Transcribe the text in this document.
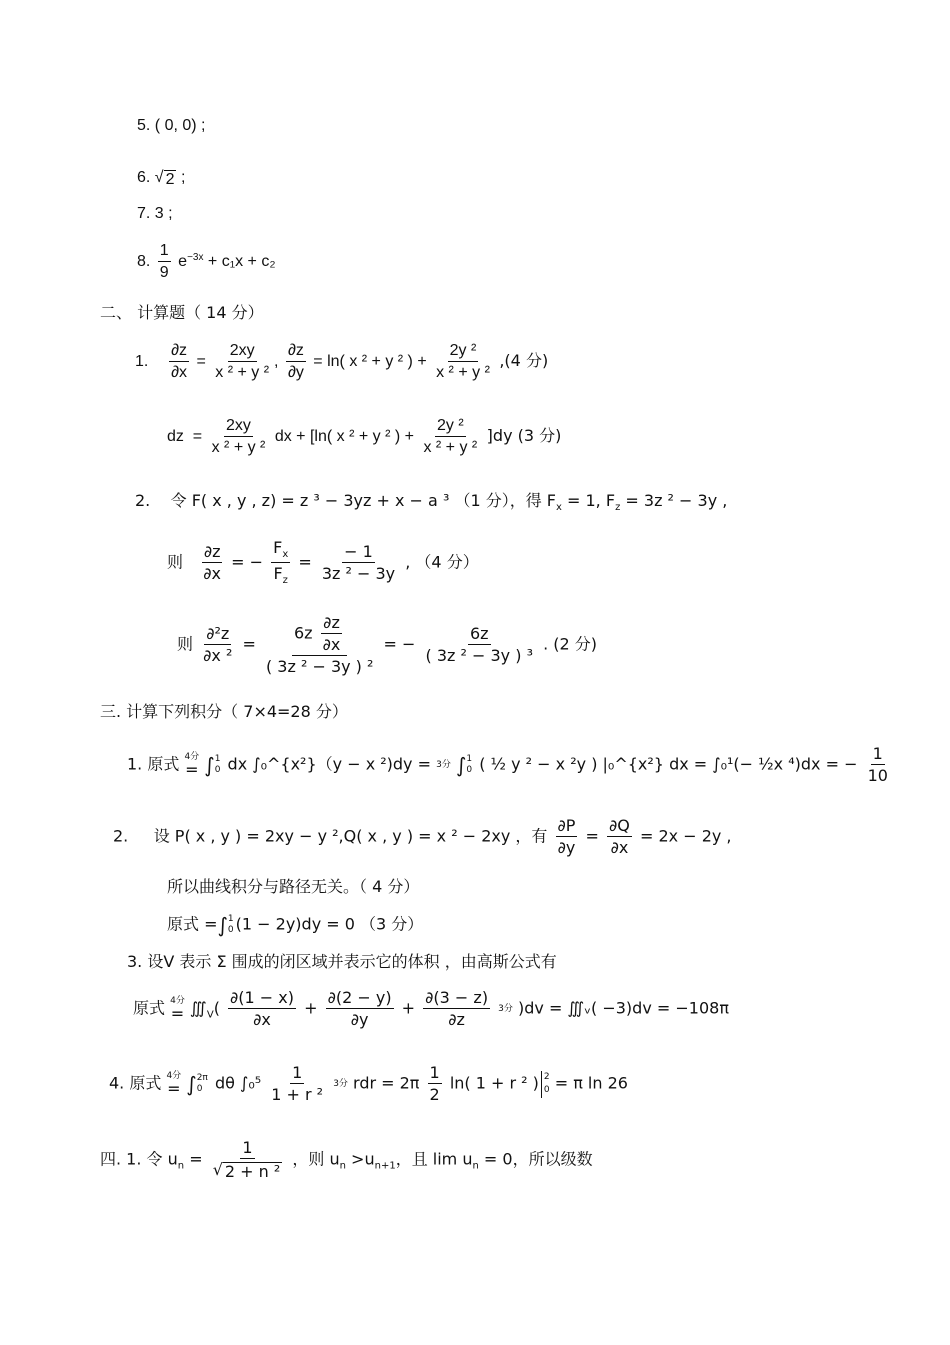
5. ( 0, 0) ;
6. √ 2 ;
7. 3 ;
8. $\frac{1}{9} e^{-3x} + c_1x + c_2$
二、 计算题（ 14 分）
1. $\frac{\partial z}{\partial x} = \frac{2xy}{\text{x ² + y ²}}$ , $\frac{\partial z}{\partial y} = \ln$( x ² + y ² ) + $\frac{\text{2y ²}}{\text{x ² + y ²}} ,(4$ 分)
dz  = $\frac{2xy}{\text{x ² + y ²}}$ dx + [ln( x ² + y ² ) + $\frac{\text{2y ²}}{\text{x ² + y ²}} ]dy$ (3 分)
2. 令 F( x , y , z) = z ³ − 3yz + x − a ³ （1 分），得 $F_x = 1$, $F_z = 3z$ ² − 3y ,
则 $\frac{\partial z}{\partial x}$ = − $\frac{F_x}{F_z} = \frac{- 1}{\text{3z ² − 3y}}$ , （4 分）
则 $\frac{\text{∂²z}}{\text{∂x ²}} = \frac{6z \frac{\partial z}{\partial x}}{\text{( 3z ² − 3y ) ²}}$ = − $\frac{6z}{\text{( 3z ² − 3y ) ³}}$ . (2 分)
三. 计算下列积分（ 7×4=28 分）
1. 原式 4分
= ∫ 1
0 dx ∫₀^{x²}（y − x ²)dy = 3分 ∫ 1
0 ( ½ y ² − x ²y ) |₀^{x²} dx = ∫₀¹(− ½x ⁴)dx = − $\frac{1}{10}$
2. 设 P( x , y ) = 2xy − y ²,Q( x , y ) = x ² − 2xy ，有 $\frac{\partial P}{\partial y} = \frac{\partial Q}{\partial x} = 2x - 2y$ ,
所以曲线积分与路径无关。（ 4 分）
原式 =∫ 1
0 (1 − 2y)dy = 0 （3 分）
3. 设V 表示 Σ 围成的闭区域并表示它的体积 ，由高斯公式有
原式 4分
= $∭_V( \frac{\partial(1 - x)}{\partial x} + \frac{\partial(2 - y)}{\partial y} + \frac{\partial(3 - z)}{\partial z}$
3分 )dv = ∭ᵥ( −3)dv = −108π
4. 原式 4分
= ∫ 2π
0 dθ $\int_0^5 \frac{1}{\text{1 + r ²}}$
3分 rdr = $2\pi \frac{1}{2} \ln$( 1 + r ² ) 2
0 = π ln 26
四. 1. 令 $u_n = \frac{1}{\text{√ 2 + n ²}}$ ，则 $u_n >u_{n+1}$，且 $\lim u_n = 0$，所以级数
